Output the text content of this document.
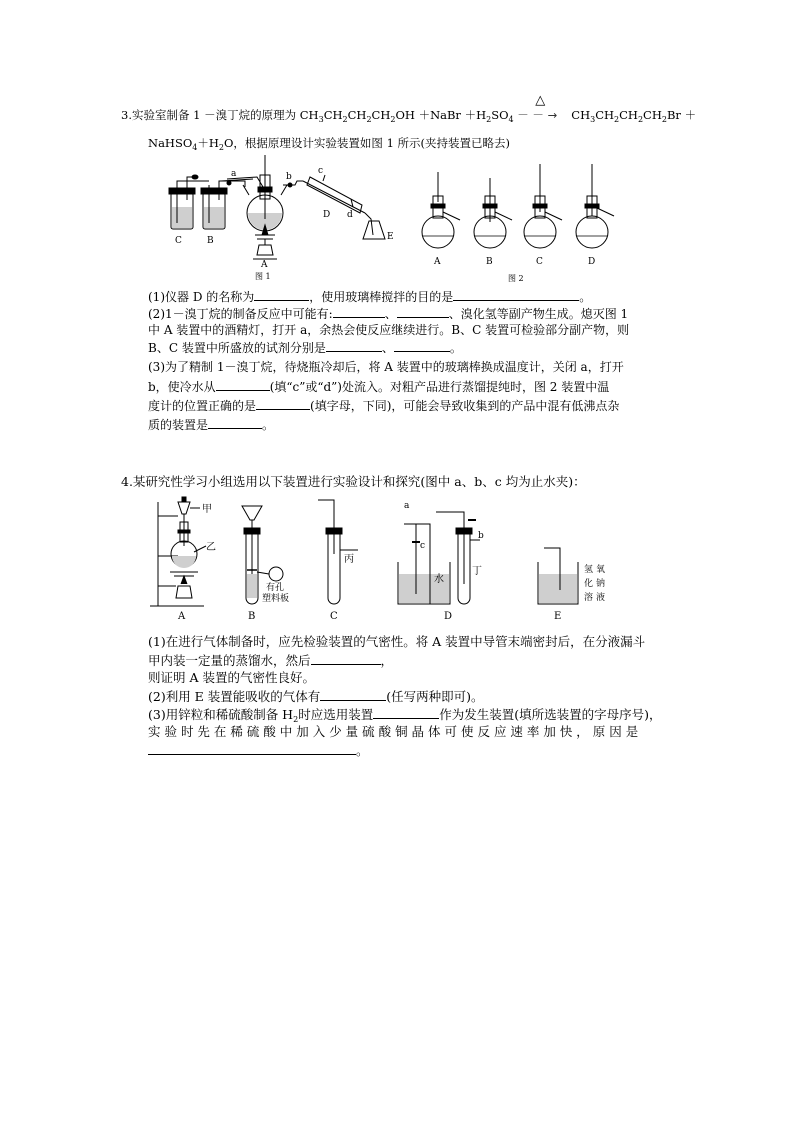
3.实验室制备 1 －溴丁烷的原理为 $CH_3CH_2CH_2CH_2OH$ ＋NaBr $+H_2SO_4$
△
－ － → $CH_3CH_2CH_2CH_2Br$ ＋
$NaHSO_4+H_2O$，根据原理设计实验装置如图 1 所示(夹持装置已略去)
C	B
A
D
E
a	b
c
d
图 1
A	B	C	D
图 2
(1)仪器 D 的名称为	，使用玻璃棒搅拌的目的是	。
(2)1－溴丁烷的制备反应中可能有:	、	、溴化氢等副产物生成。熄灭图 1
中 A 装置中的酒精灯，打开 a，余热会使反应继续进行。B、C 装置可检验部分副产物，则
B、C 装置中所盛放的试剂分别是	、	。
(3)为了精制 1－溴丁烷，待烧瓶冷却后，将 A 装置中的玻璃棒换成温度计，关闭 a，打开
b，使冷水从	(填“c”或“d”)处流入。对粗产品进行蒸馏提纯时，图 2 装置中温
度计的位置正确的是	(填字母，下同)，可能会导致收集到的产品中混有低沸点杂
质的装置是	。
4.某研究性学习小组选用以下装置进行实验设计和探究(图中 a、b、c 均为止水夹)：
甲
乙
有孔
塑料板
丙
水
丁
a
b
c
氢 氧
化 钠
溶 液
A	B	C	D	E
(1)在进行气体制备时，应先检验装置的气密性。将 A 装置中导管末端密封后，在分液漏斗
甲内装一定量的蒸馏水，然后	，
则证明 A 装置的气密性良好。
(2)利用 E 装置能吸收的气体有	(任写两种即可)。
(3)用锌粒和稀硫酸制备 $H_2$时应选用装置	作为发生装置(填所选装置的字母序号)，
实 验 时 先 在 稀 硫 酸 中 加 入 少 量 硫 酸 铜 晶 体 可 使 反 应 速 率 加 快 ， 原 因 是
。
